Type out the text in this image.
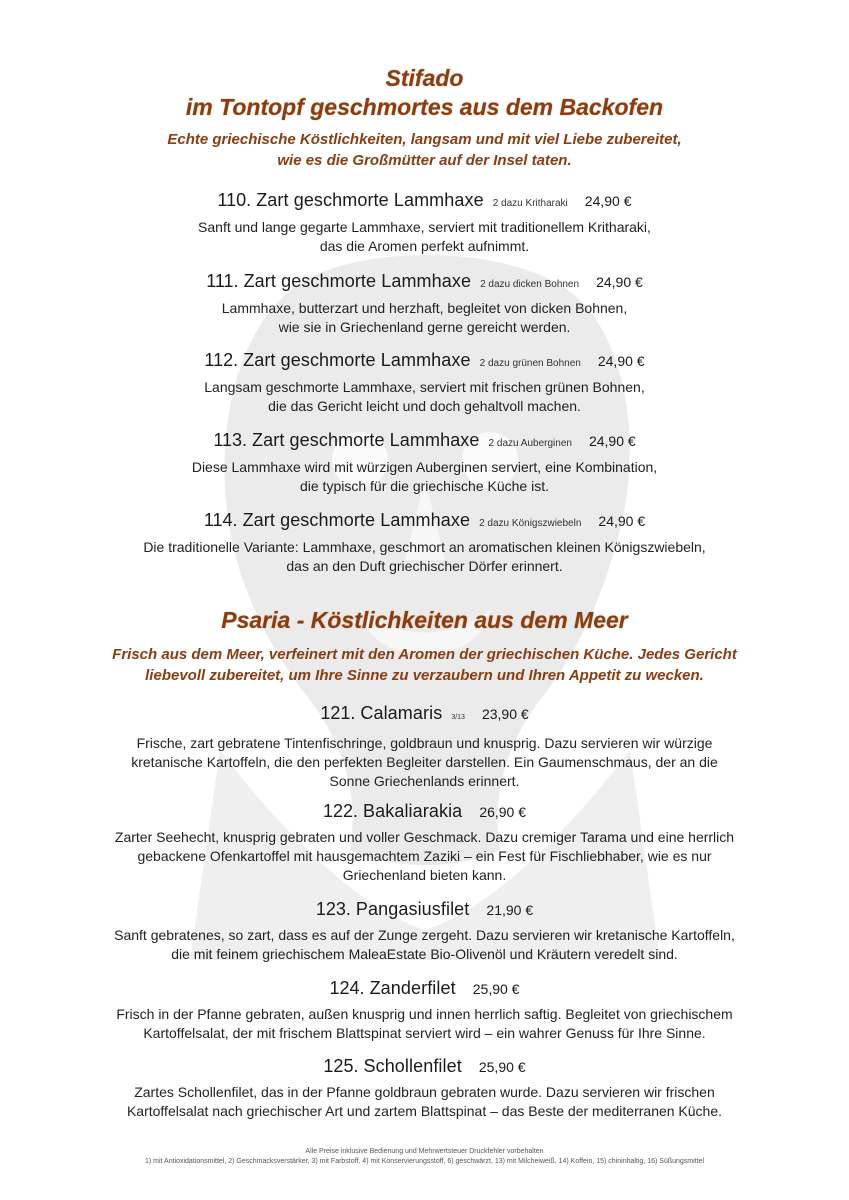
Stifado

im Tontopf geschmortes aus dem Backofen

Echte griechische Köstlichkeiten, langsam und mit viel Liebe zubereitet,

wie es die Großmütter auf der Insel taten.

110. Zart geschmorte Lammhaxe 2 dazu Kritharaki 24,90 €

Sanft und lange gegarte Lammhaxe, serviert mit traditionellem Kritharaki,

das die Aromen perfekt aufnimmt.

111. Zart geschmorte Lammhaxe 2 dazu dicken Bohnen 24,90 €

Lammhaxe, butterzart und herzhaft, begleitet von dicken Bohnen,

wie sie in Griechenland gerne gereicht werden.

112. Zart geschmorte Lammhaxe 2 dazu grünen Bohnen 24,90 €

Langsam geschmorte Lammhaxe, serviert mit frischen grünen Bohnen,

die das Gericht leicht und doch gehaltvoll machen.

113. Zart geschmorte Lammhaxe 2 dazu Auberginen 24,90 €

Diese Lammhaxe wird mit würzigen Auberginen serviert, eine Kombination,

die typisch für die griechische Küche ist.

114. Zart geschmorte Lammhaxe 2 dazu Königszwiebeln 24,90 €

Die traditionelle Variante: Lammhaxe, geschmort an aromatischen kleinen Königszwiebeln,

das an den Duft griechischer Dörfer erinnert.

Psaria - Köstlichkeiten aus dem Meer

Frisch aus dem Meer, verfeinert mit den Aromen der griechischen Küche. Jedes Gericht

liebevoll zubereitet, um Ihre Sinne zu verzaubern und Ihren Appetit zu wecken.

121. Calamaris 3/13 23,90 €

Frische, zart gebratene Tintenfischringe, goldbraun und knusprig. Dazu servieren wir würzige

kretanische Kartoffeln, die den perfekten Begleiter darstellen. Ein Gaumenschmaus, der an die

Sonne Griechenlands erinnert.

122. Bakaliarakia 26,90 €

Zarter Seehecht, knusprig gebraten und voller Geschmack. Dazu cremiger Tarama und eine herrlich

gebackene Ofenkartoffel mit hausgemachtem Zaziki – ein Fest für Fischliebhaber, wie es nur

Griechenland bieten kann.

123. Pangasiusfilet 21,90 €

Sanft gebratenes, so zart, dass es auf der Zunge zergeht. Dazu servieren wir kretanische Kartoffeln,

die mit feinem griechischem MaleaEstate Bio-Olivenöl und Kräutern veredelt sind.

124. Zanderfilet 25,90 €

Frisch in der Pfanne gebraten, außen knusprig und innen herrlich saftig. Begleitet von griechischem

Kartoffelsalat, der mit frischem Blattspinat serviert wird – ein wahrer Genuss für Ihre Sinne.

125. Schollenfilet 25,90 €

Zartes Schollenfilet, das in der Pfanne goldbraun gebraten wurde. Dazu servieren wir frischen

Kartoffelsalat nach griechischer Art und zartem Blattspinat – das Beste der mediterranen Küche.

Alle Preise inklusive Bedienung und Mehrwertsteuer Druckfehler vorbehalten

1) mit Antioxidationsmittel, 2) Geschmacksverstärker, 3) mit Farbstoff, 4) mit Konservierungsstoff, 6) geschwärzt, 13) mit Milcheiweiß, 14) Koffein, 15) chininhaltig, 16) Süßungsmittel
